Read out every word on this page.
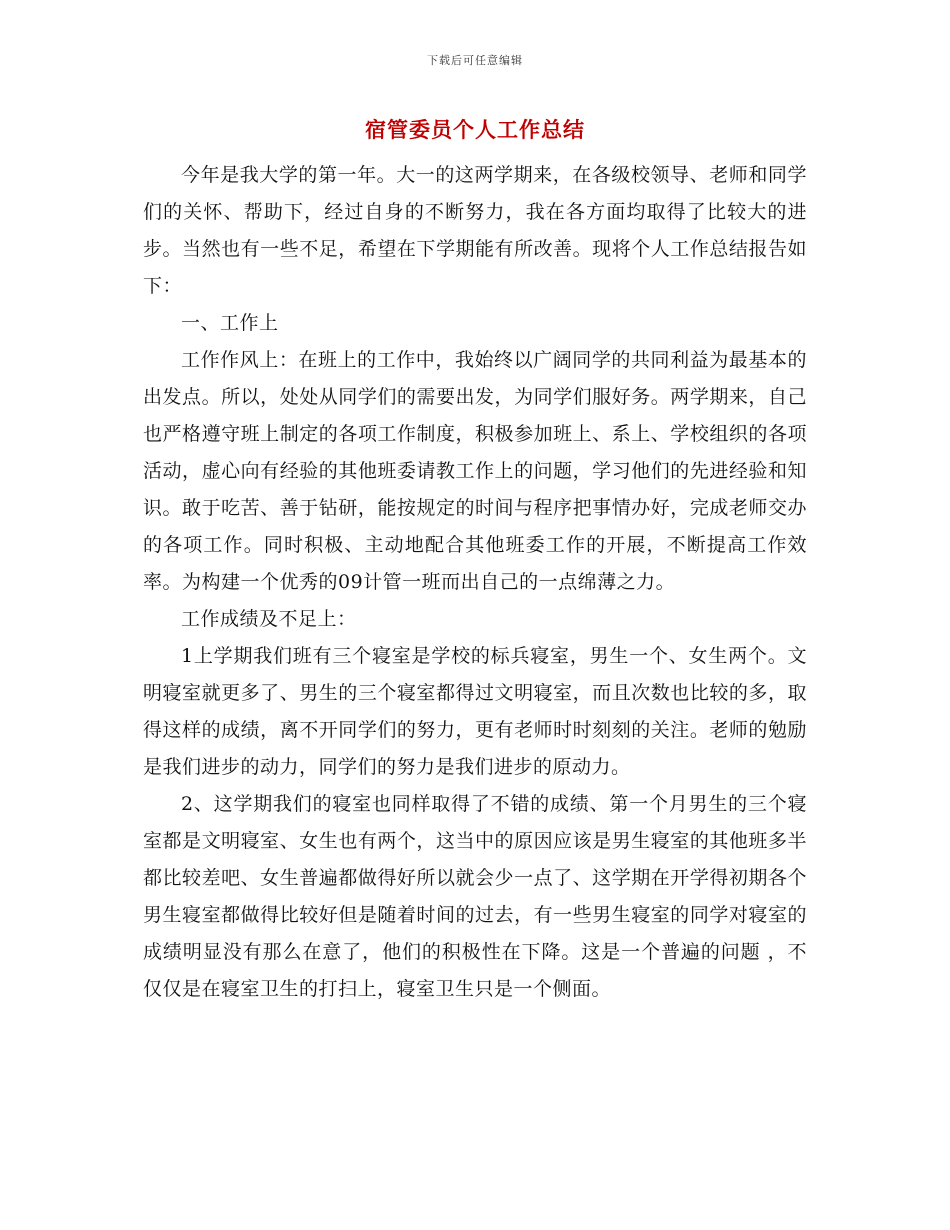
下载后可任意编辑
宿管委员个人工作总结

今年是我大学的第一年。大一的这两学期来，在各级校领导、老师和同学们的关怀、帮助下，经过自身的不断努力，我在各方面均取得了比较大的进步。当然也有一些不足，希望在下学期能有所改善。现将个人工作总结报告如下：

一、工作上

工作作风上：在班上的工作中，我始终以广阔同学的共同利益为最基本的出发点。所以，处处从同学们的需要出发，为同学们服好务。两学期来，自己也严格遵守班上制定的各项工作制度，积极参加班上、系上、学校组织的各项活动，虚心向有经验的其他班委请教工作上的问题，学习他们的先进经验和知识。敢于吃苦、善于钻研，能按规定的时间与程序把事情办好，完成老师交办的各项工作。同时积极、主动地配合其他班委工作的开展，不断提高工作效率。为构建一个优秀的09计管一班而出自己的一点绵薄之力。

工作成绩及不足上：

1上学期我们班有三个寝室是学校的标兵寝室，男生一个、女生两个。文明寝室就更多了、男生的三个寝室都得过文明寝室，而且次数也比较的多，取得这样的成绩，离不开同学们的努力，更有老师时时刻刻的关注。老师的勉励是我们进步的动力，同学们的努力是我们进步的原动力。

2、这学期我们的寝室也同样取得了不错的成绩、第一个月男生的三个寝室都是文明寝室、女生也有两个，这当中的原因应该是男生寝室的其他班多半都比较差吧、女生普遍都做得好所以就会少一点了、这学期在开学得初期各个男生寝室都做得比较好但是随着时间的过去，有一些男生寝室的同学对寝室的成绩明显没有那么在意了，他们的积极性在下降。这是一个普遍的问题 ，不仅仅是在寝室卫生的打扫上，寝室卫生只是一个侧面。
